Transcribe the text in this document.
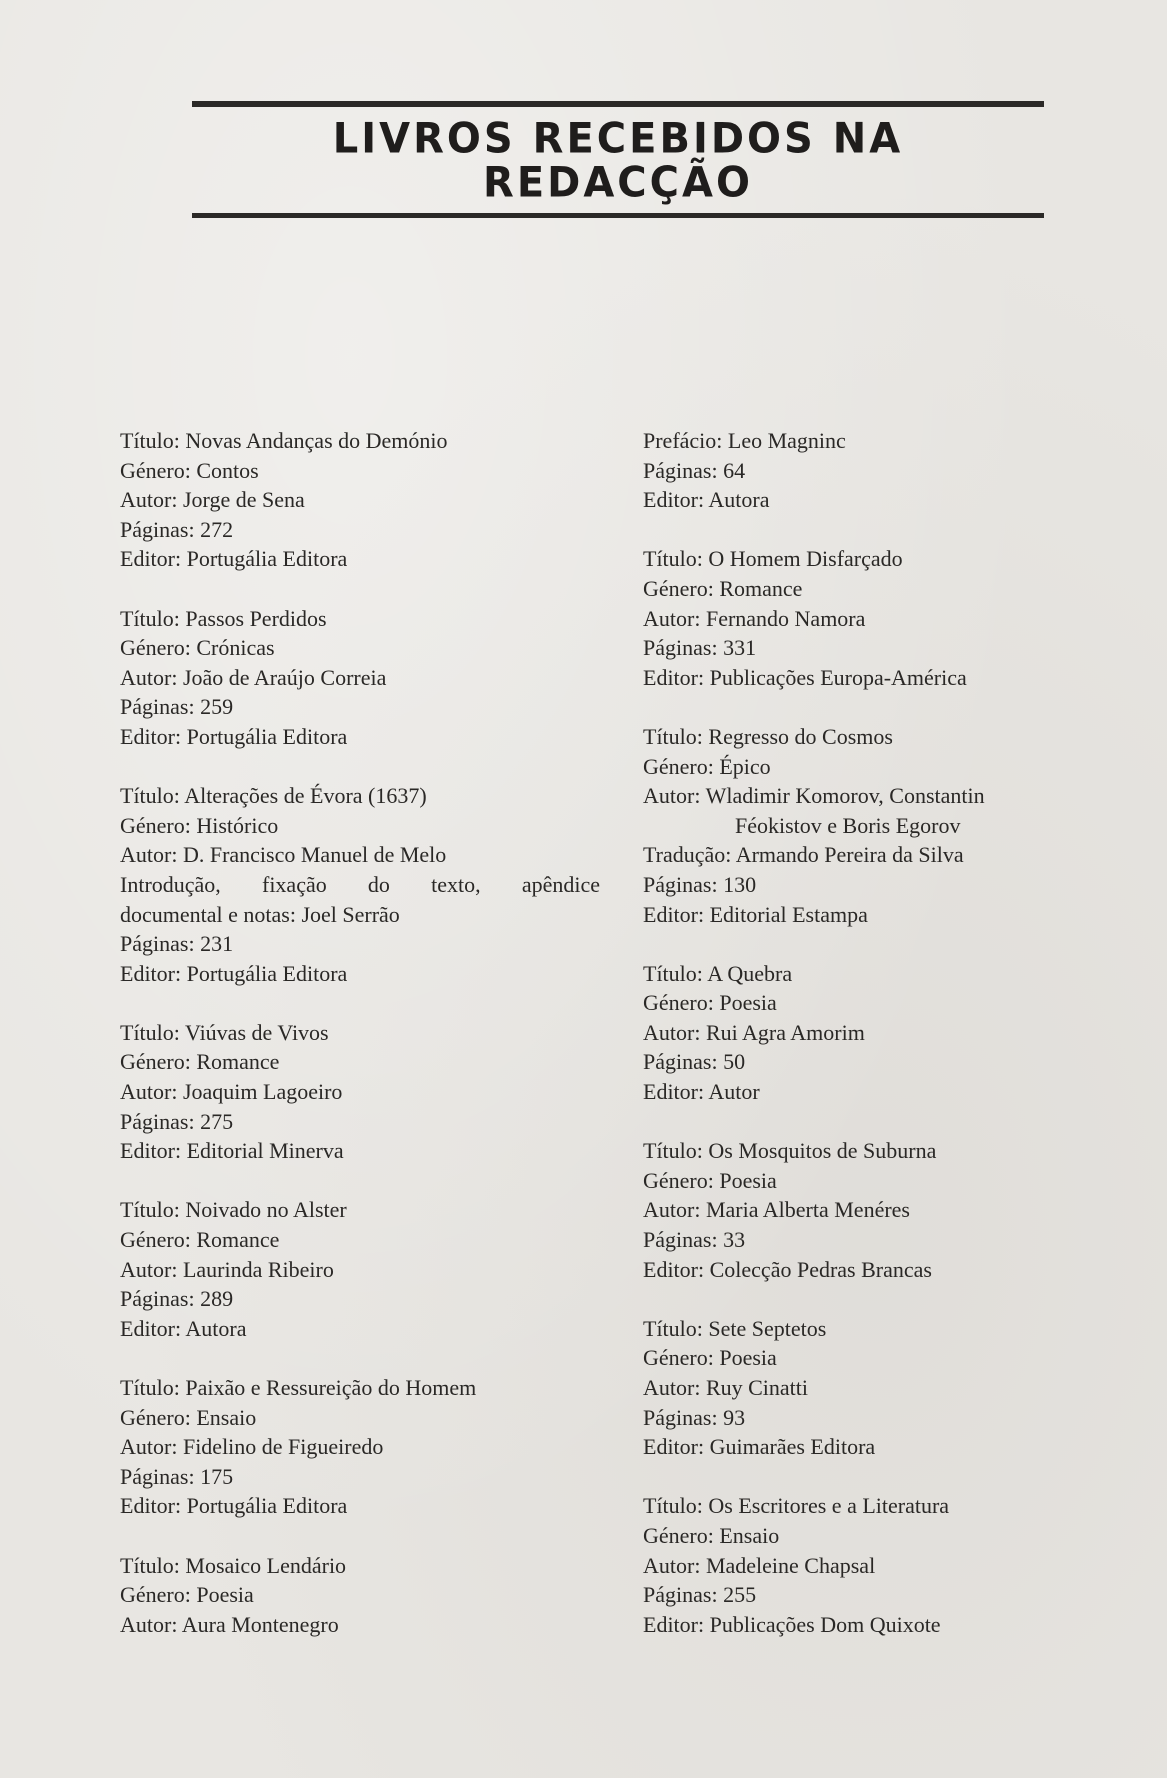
LIVROS RECEBIDOS NA REDACÇÃO
Título: Novas Andanças do Demónio
Género: Contos
Autor: Jorge de Sena
Páginas: 272
Editor: Portugália Editora
Título: Passos Perdidos
Género: Crónicas
Autor: João de Araújo Correia
Páginas: 259
Editor: Portugália Editora
Título: Alterações de Évora (1637)
Género: Histórico
Autor: D. Francisco Manuel de Melo
Introdução, fixação do texto, apêndice
documental e notas: Joel Serrão
Páginas: 231
Editor: Portugália Editora
Título: Viúvas de Vivos
Género: Romance
Autor: Joaquim Lagoeiro
Páginas: 275
Editor: Editorial Minerva
Título: Noivado no Alster
Género: Romance
Autor: Laurinda Ribeiro
Páginas: 289
Editor: Autora
Título: Paixão e Ressureição do Homem
Género: Ensaio
Autor: Fidelino de Figueiredo
Páginas: 175
Editor: Portugália Editora
Título: Mosaico Lendário
Género: Poesia
Autor: Aura Montenegro
Prefácio: Leo Magninc
Páginas: 64
Editor: Autora
Título: O Homem Disfarçado
Género: Romance
Autor: Fernando Namora
Páginas: 331
Editor: Publicações Europa-América
Título: Regresso do Cosmos
Género: Épico
Autor: Wladimir Komorov, Constantin
Féokistov e Boris Egorov
Tradução: Armando Pereira da Silva
Páginas: 130
Editor: Editorial Estampa
Título: A Quebra
Género: Poesia
Autor: Rui Agra Amorim
Páginas: 50
Editor: Autor
Título: Os Mosquitos de Suburna
Género: Poesia
Autor: Maria Alberta Menéres
Páginas: 33
Editor: Colecção Pedras Brancas
Título: Sete Septetos
Género: Poesia
Autor: Ruy Cinatti
Páginas: 93
Editor: Guimarães Editora
Título: Os Escritores e a Literatura
Género: Ensaio
Autor: Madeleine Chapsal
Páginas: 255
Editor: Publicações Dom Quixote
